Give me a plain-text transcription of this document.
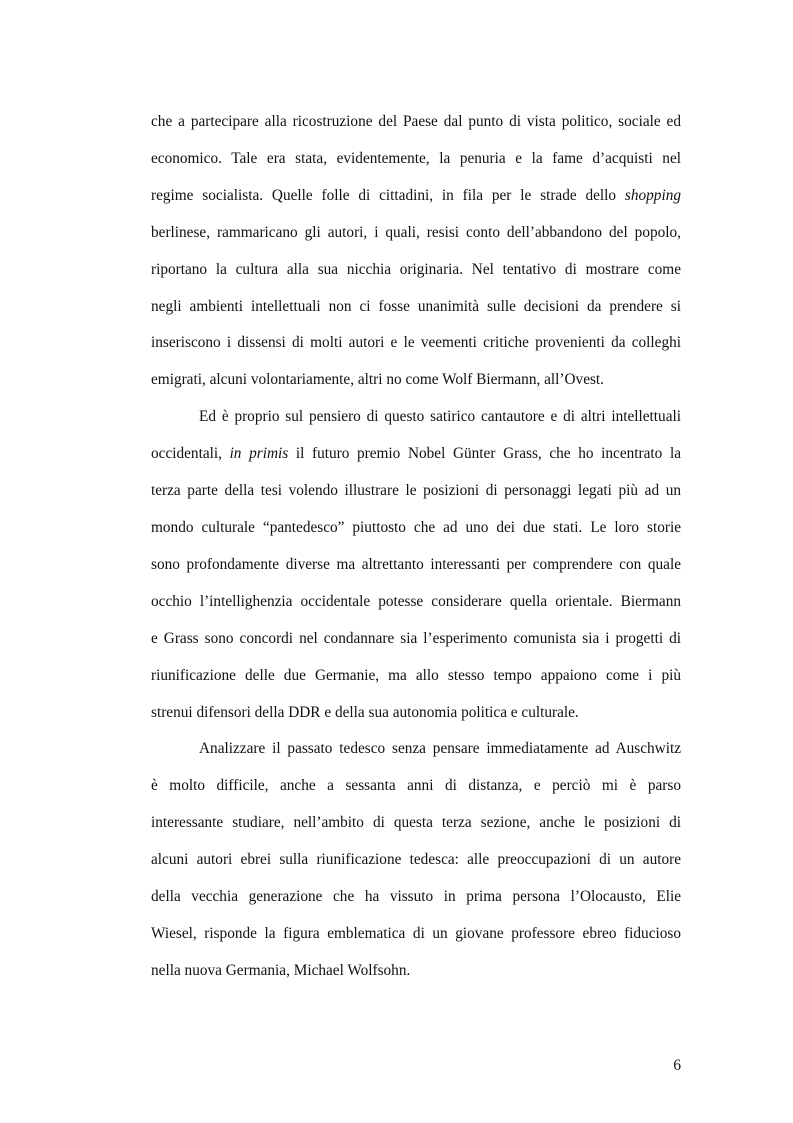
che a partecipare alla ricostruzione del Paese dal punto di vista politico, sociale ed
economico. Tale era stata, evidentemente, la penuria e la fame d’acquisti nel
regime socialista. Quelle folle di cittadini, in fila per le strade dello shopping
berlinese, rammaricano gli autori, i quali, resisi conto dell’abbandono del popolo,
riportano la cultura alla sua nicchia originaria. Nel tentativo di mostrare come
negli ambienti intellettuali non ci fosse unanimità sulle decisioni da prendere si
inseriscono i dissensi di molti autori e le veementi critiche provenienti da colleghi
emigrati, alcuni volontariamente, altri no come Wolf Biermann, all’Ovest.

Ed è proprio sul pensiero di questo satirico cantautore e di altri intellettuali
occidentali, in primis il futuro premio Nobel Günter Grass, che ho incentrato la
terza parte della tesi volendo illustrare le posizioni di personaggi legati più ad un
mondo culturale “pantedesco” piuttosto che ad uno dei due stati. Le loro storie
sono profondamente diverse ma altrettanto interessanti per comprendere con quale
occhio l’intellighenzia occidentale potesse considerare quella orientale. Biermann
e Grass sono concordi nel condannare sia l’esperimento comunista sia i progetti di
riunificazione delle due Germanie, ma allo stesso tempo appaiono come i più
strenui difensori della DDR e della sua autonomia politica e culturale.

Analizzare il passato tedesco senza pensare immediatamente ad Auschwitz
è molto difficile, anche a sessanta anni di distanza, e perciò mi è parso
interessante studiare, nell’ambito di questa terza sezione, anche le posizioni di
alcuni autori ebrei sulla riunificazione tedesca: alle preoccupazioni di un autore
della vecchia generazione che ha vissuto in prima persona l’Olocausto, Elie
Wiesel, risponde la figura emblematica di un giovane professore ebreo fiducioso
nella nuova Germania, Michael Wolfsohn.

6
